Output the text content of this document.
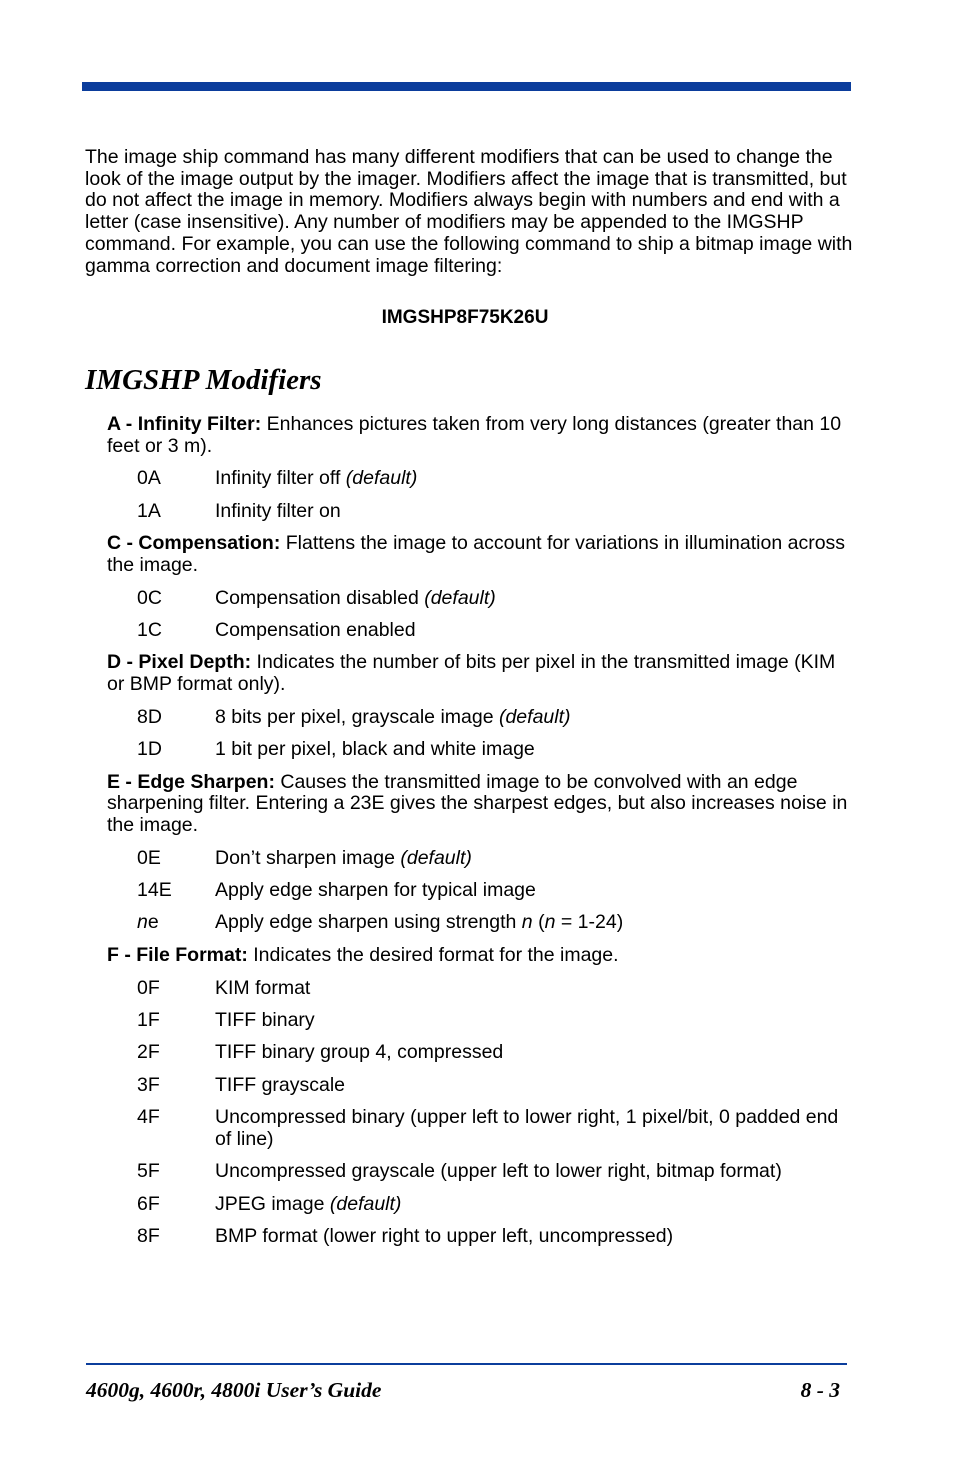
The image ship command has many different modifiers that can be used to change the look of the image output by the imager. Modifiers affect the image that is transmitted, but do not affect the image in memory. Modifiers always begin with numbers and end with a letter (case insensitive). Any number of modifiers may be appended to the IMGSHP command. For example, you can use the following command to ship a bitmap image with gamma correction and document image filtering:

IMGSHP8F75K26U
IMGSHP Modifiers

A - Infinity Filter: Enhances pictures taken from very long distances (greater than 10 feet or 3 m).

0A	Infinity filter off (default)
1A	Infinity filter on

C - Compensation: Flattens the image to account for variations in illumination across the image.

0C	Compensation disabled (default)
1C	Compensation enabled

D - Pixel Depth: Indicates the number of bits per pixel in the transmitted image (KIM or BMP format only).

8D	8 bits per pixel, grayscale image (default)
1D	1 bit per pixel, black and white image

E - Edge Sharpen: Causes the transmitted image to be convolved with an edge sharpening filter. Entering a 23E gives the sharpest edges, but also increases noise in the image.

0E	Don’t sharpen image (default)
14E	Apply edge sharpen for typical image
ne	Apply edge sharpen using strength n (n = 1-24)

F - File Format: Indicates the desired format for the image.

0F	KIM format
1F	TIFF binary
2F	TIFF binary group 4, compressed
3F	TIFF grayscale
4F	Uncompressed binary (upper left to lower right, 1 pixel/bit, 0 padded end of line)
5F	Uncompressed grayscale (upper left to lower right, bitmap format)
6F	JPEG image (default)
8F	BMP format (lower right to upper left, uncompressed)
4600g, 4600r, 4800i User’s Guide	8 - 3
